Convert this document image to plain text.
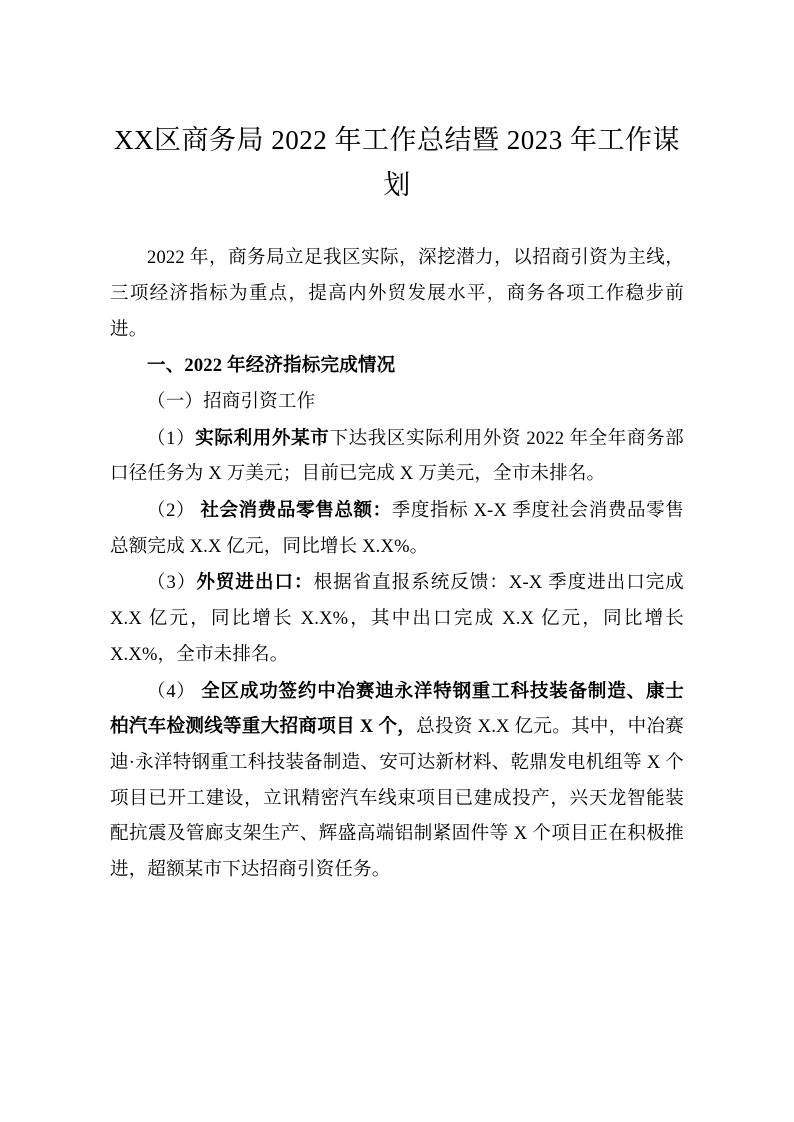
XX区商务局 2022 年工作总结暨 2023 年工作谋划

2022 年，商务局立足我区实际，深挖潜力，以招商引资为主线，三项经济指标为重点，提高内外贸发展水平，商务各项工作稳步前进。

一、2022 年经济指标完成情况

（一）招商引资工作

（1）实际利用外某市下达我区实际利用外资 2022 年全年商务部口径任务为 X 万美元；目前已完成 X 万美元，全市未排名。

（2） 社会消费品零售总额：季度指标 X-X 季度社会消费品零售总额完成 X.X 亿元，同比增长 X.X%。

（3）外贸进出口：根据省直报系统反馈：X-X 季度进出口完成 X.X 亿元，同比增长 X.X%，其中出口完成 X.X 亿元，同比增长 X.X%，全市未排名。

（4） 全区成功签约中冶赛迪永洋特钢重工科技装备制造、康士柏汽车检测线等重大招商项目 X 个，总投资 X.X 亿元。其中，中冶赛迪·永洋特钢重工科技装备制造、安可达新材料、乾鼎发电机组等 X 个项目已开工建设，立讯精密汽车线束项目已建成投产，兴天龙智能装配抗震及管廊支架生产、辉盛高端铝制紧固件等 X 个项目正在积极推进，超额某市下达招商引资任务。
